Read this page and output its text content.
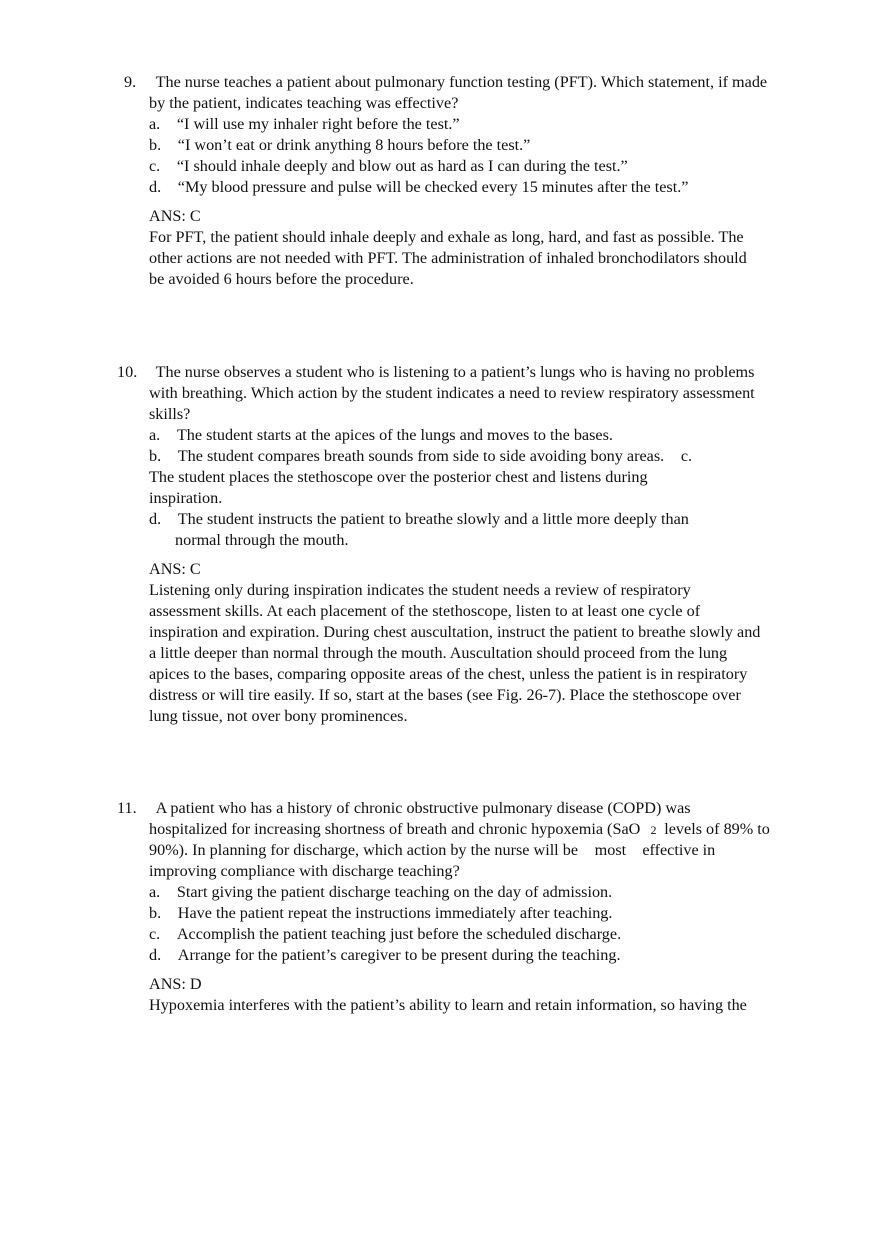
9. The nurse teaches a patient about pulmonary function testing (PFT). Which statement, if made
by the patient, indicates teaching was effective?
a.  “I will use my inhaler right before the test.”
b.  “I won’t eat or drink anything 8 hours before the test.”
c.  “I should inhale deeply and blow out as hard as I can during the test.”
d.  “My blood pressure and pulse will be checked every 15 minutes after the test.”
ANS: C
For PFT, the patient should inhale deeply and exhale as long, hard, and fast as possible. The
other actions are not needed with PFT. The administration of inhaled bronchodilators should
be avoided 6 hours before the procedure.
10. The nurse observes a student who is listening to a patient’s lungs who is having no problems
with breathing. Which action by the student indicates a need to review respiratory assessment
skills?
a.  The student starts at the apices of the lungs and moves to the bases.
b.  The student compares breath sounds from side to side avoiding bony areas.  c.
The student places the stethoscope over the posterior chest and listens during
inspiration.
d.  The student instructs the patient to breathe slowly and a little more deeply than
normal through the mouth.
ANS: C
Listening only during inspiration indicates the student needs a review of respiratory
assessment skills. At each placement of the stethoscope, listen to at least one cycle of
inspiration and expiration. During chest auscultation, instruct the patient to breathe slowly and
a little deeper than normal through the mouth. Auscultation should proceed from the lung
apices to the bases, comparing opposite areas of the chest, unless the patient is in respiratory
distress or will tire easily. If so, start at the bases (see Fig. 26-7). Place the stethoscope over
lung tissue, not over bony prominences.
11. A patient who has a history of chronic obstructive pulmonary disease (COPD) was
hospitalized for increasing shortness of breath and chronic hypoxemia (SaO 2 levels of 89% to
90%). In planning for discharge, which action by the nurse will be  most    effective in
improving compliance with discharge teaching?
a.  Start giving the patient discharge teaching on the day of admission.
b.  Have the patient repeat the instructions immediately after teaching.
c.  Accomplish the patient teaching just before the scheduled discharge.
d.  Arrange for the patient’s caregiver to be present during the teaching.
ANS: D
Hypoxemia interferes with the patient’s ability to learn and retain information, so having the
